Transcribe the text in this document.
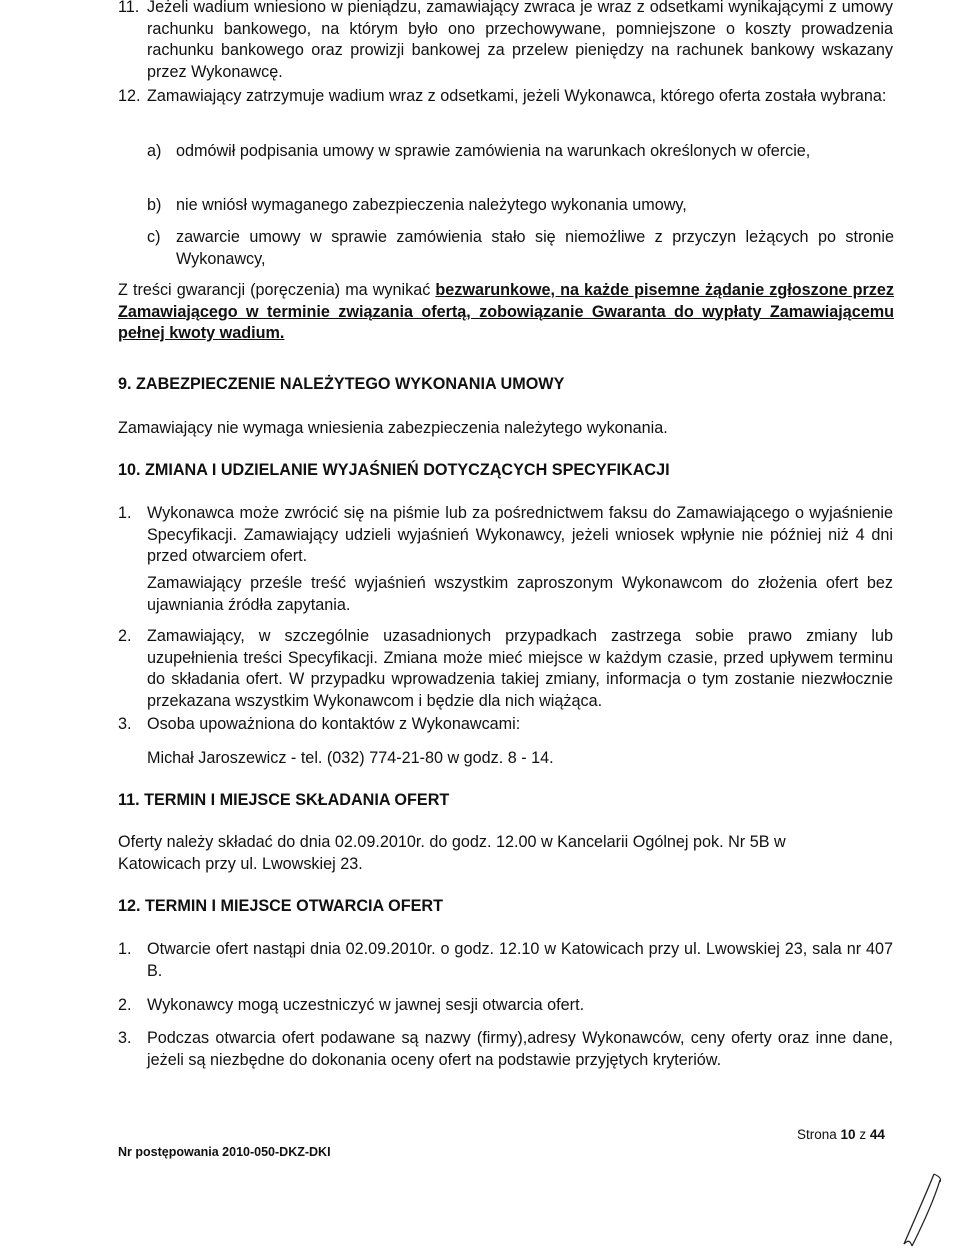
11. Jeżeli wadium wniesiono w pieniądzu, zamawiający zwraca je wraz z odsetkami wynikającymi z umowy rachunku bankowego, na którym było ono przechowywane, pomniejszone o koszty prowadzenia rachunku bankowego oraz prowizji bankowej za przelew pieniędzy na rachunek bankowy wskazany przez Wykonawcę.
12. Zamawiający zatrzymuje wadium wraz z odsetkami, jeżeli Wykonawca, którego oferta została wybrana:
a) odmówił podpisania umowy w sprawie zamówienia na warunkach określonych w ofercie,
b) nie wniósł wymaganego zabezpieczenia należytego wykonania umowy,
c) zawarcie umowy w sprawie zamówienia stało się niemożliwe z przyczyn leżących po stronie Wykonawcy,
Z treści gwarancji (poręczenia) ma wynikać bezwarunkowe, na każde pisemne żądanie zgłoszone przez Zamawiającego w terminie związania ofertą, zobowiązanie Gwaranta do wypłaty Zamawiającemu pełnej kwoty wadium.
9. ZABEZPIECZENIE NALEŻYTEGO WYKONANIA UMOWY
Zamawiający nie wymaga wniesienia zabezpieczenia należytego wykonania.
10. ZMIANA I UDZIELANIE WYJAŚNIEŃ DOTYCZĄCYCH SPECYFIKACJI
1. Wykonawca może zwrócić się na piśmie lub za pośrednictwem faksu do Zamawiającego o wyjaśnienie Specyfikacji. Zamawiający udzieli wyjaśnień Wykonawcy, jeżeli wniosek wpłynie nie później niż 4 dni przed otwarciem ofert.
Zamawiający prześle treść wyjaśnień wszystkim zaproszonym Wykonawcom do złożenia ofert bez ujawniania źródła zapytania.
2. Zamawiający, w szczególnie uzasadnionych przypadkach zastrzega sobie prawo zmiany lub uzupełnienia treści Specyfikacji. Zmiana może mieć miejsce w każdym czasie, przed upływem terminu do składania ofert. W przypadku wprowadzenia takiej zmiany, informacja o tym zostanie niezwłocznie przekazana wszystkim Wykonawcom i będzie dla nich wiążąca.
3. Osoba upoważniona do kontaktów z Wykonawcami:
Michał Jaroszewicz - tel. (032) 774-21-80 w godz. 8 - 14.
11. TERMIN I MIEJSCE SKŁADANIA OFERT
Oferty należy składać do dnia 02.09.2010r. do godz. 12.00 w Kancelarii Ogólnej pok. Nr 5B w Katowicach przy ul. Lwowskiej 23.
12. TERMIN I MIEJSCE OTWARCIA OFERT
1. Otwarcie ofert nastąpi dnia 02.09.2010r. o godz. 12.10 w Katowicach przy ul. Lwowskiej 23, sala nr 407 B.
2. Wykonawcy mogą uczestniczyć w jawnej sesji otwarcia ofert.
3. Podczas otwarcia ofert podawane są nazwy (firmy),adresy Wykonawców, ceny oferty oraz inne dane, jeżeli są niezbędne do dokonania oceny ofert na podstawie przyjętych kryteriów.
Nr postępowania 2010-050-DKZ-DKI
Strona 10 z 44
